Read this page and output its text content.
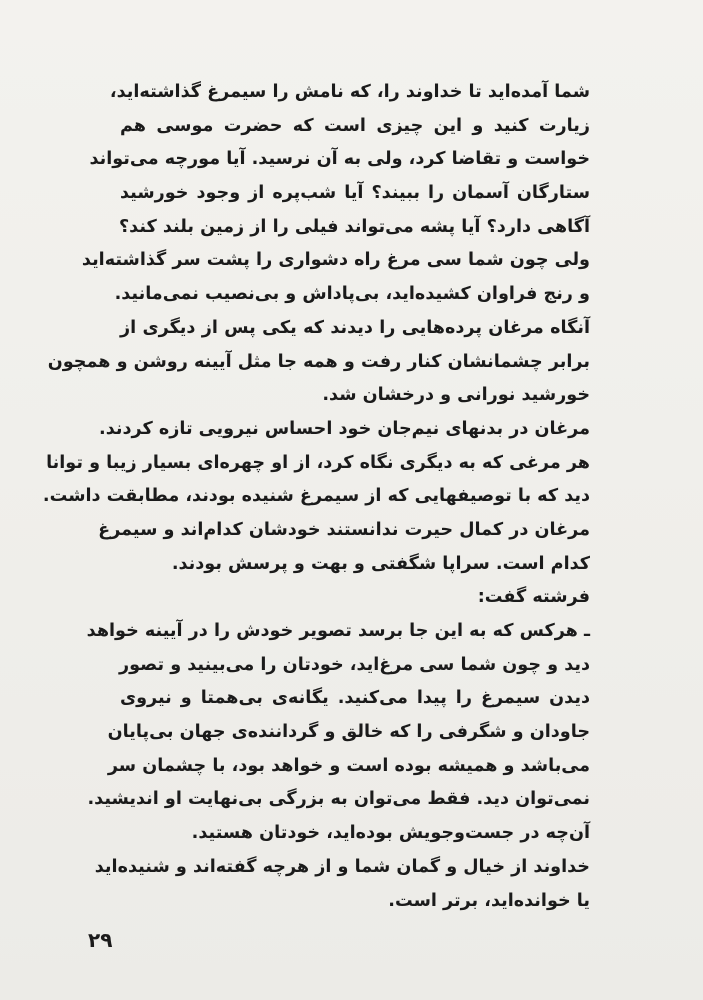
شما آمده‌اید تا خداوند را، که نامش را سیمرغ گذاشته‌اید،
زیارت کنید و این چیزی است که حضرت موسی هم
خواست و تقاضا کرد، ولی به آن نرسید. آیا مورچه می‌تواند
ستارگان آسمان را ببیند؟ آیا شب‌پره از وجود خورشید
آگاهی دارد؟ آیا پشه می‌تواند فیلی را از زمین بلند کند؟
ولی چون شما سی مرغ راه دشواری را پشت سر گذاشته‌اید
و رنج فراوان کشیده‌اید، بی‌پاداش و بی‌نصیب نمی‌مانید.
آنگاه مرغان پرده‌هایی را دیدند که یکی پس از دیگری از
برابر چشمانشان کنار رفت و همه جا مثل آیینه روشن و همچون
خورشید نورانی و درخشان شد.
مرغان در بدنهای نیم‌جان خود احساس نیرویی تازه کردند.
هر مرغی که به دیگری نگاه کرد، از او چهره‌ای بسیار زیبا و توانا
دید که با توصیفهایی که از سیمرغ شنیده بودند، مطابقت داشت.
مرغان در کمال حیرت ندانستند خودشان کدام‌اند و سیمرغ
کدام است. سراپا شگفتی و بهت و پرسش بودند.
فرشته گفت:
ـ هرکس که به این جا برسد تصویر خودش را در آیینه خواهد
دید و چون شما سی مرغ‌اید، خودتان را می‌بینید و تصور
دیدن سیمرغ را پیدا می‌کنید. یگانه‌ی بی‌همتا و نیروی
جاودان و شگرفی را که خالق و گرداننده‌ی جهان بی‌پایان
می‌باشد و همیشه بوده است و خواهد بود، با چشمان سر
نمی‌توان دید. فقط می‌توان به بزرگی بی‌نهایت او اندیشید.
آن‌چه در جست‌وجویش بوده‌اید، خودتان هستید.
خداوند از خیال و گمان شما و از هرچه گفته‌اند و شنیده‌اید
یا خوانده‌اید، برتر است.
۲۹
